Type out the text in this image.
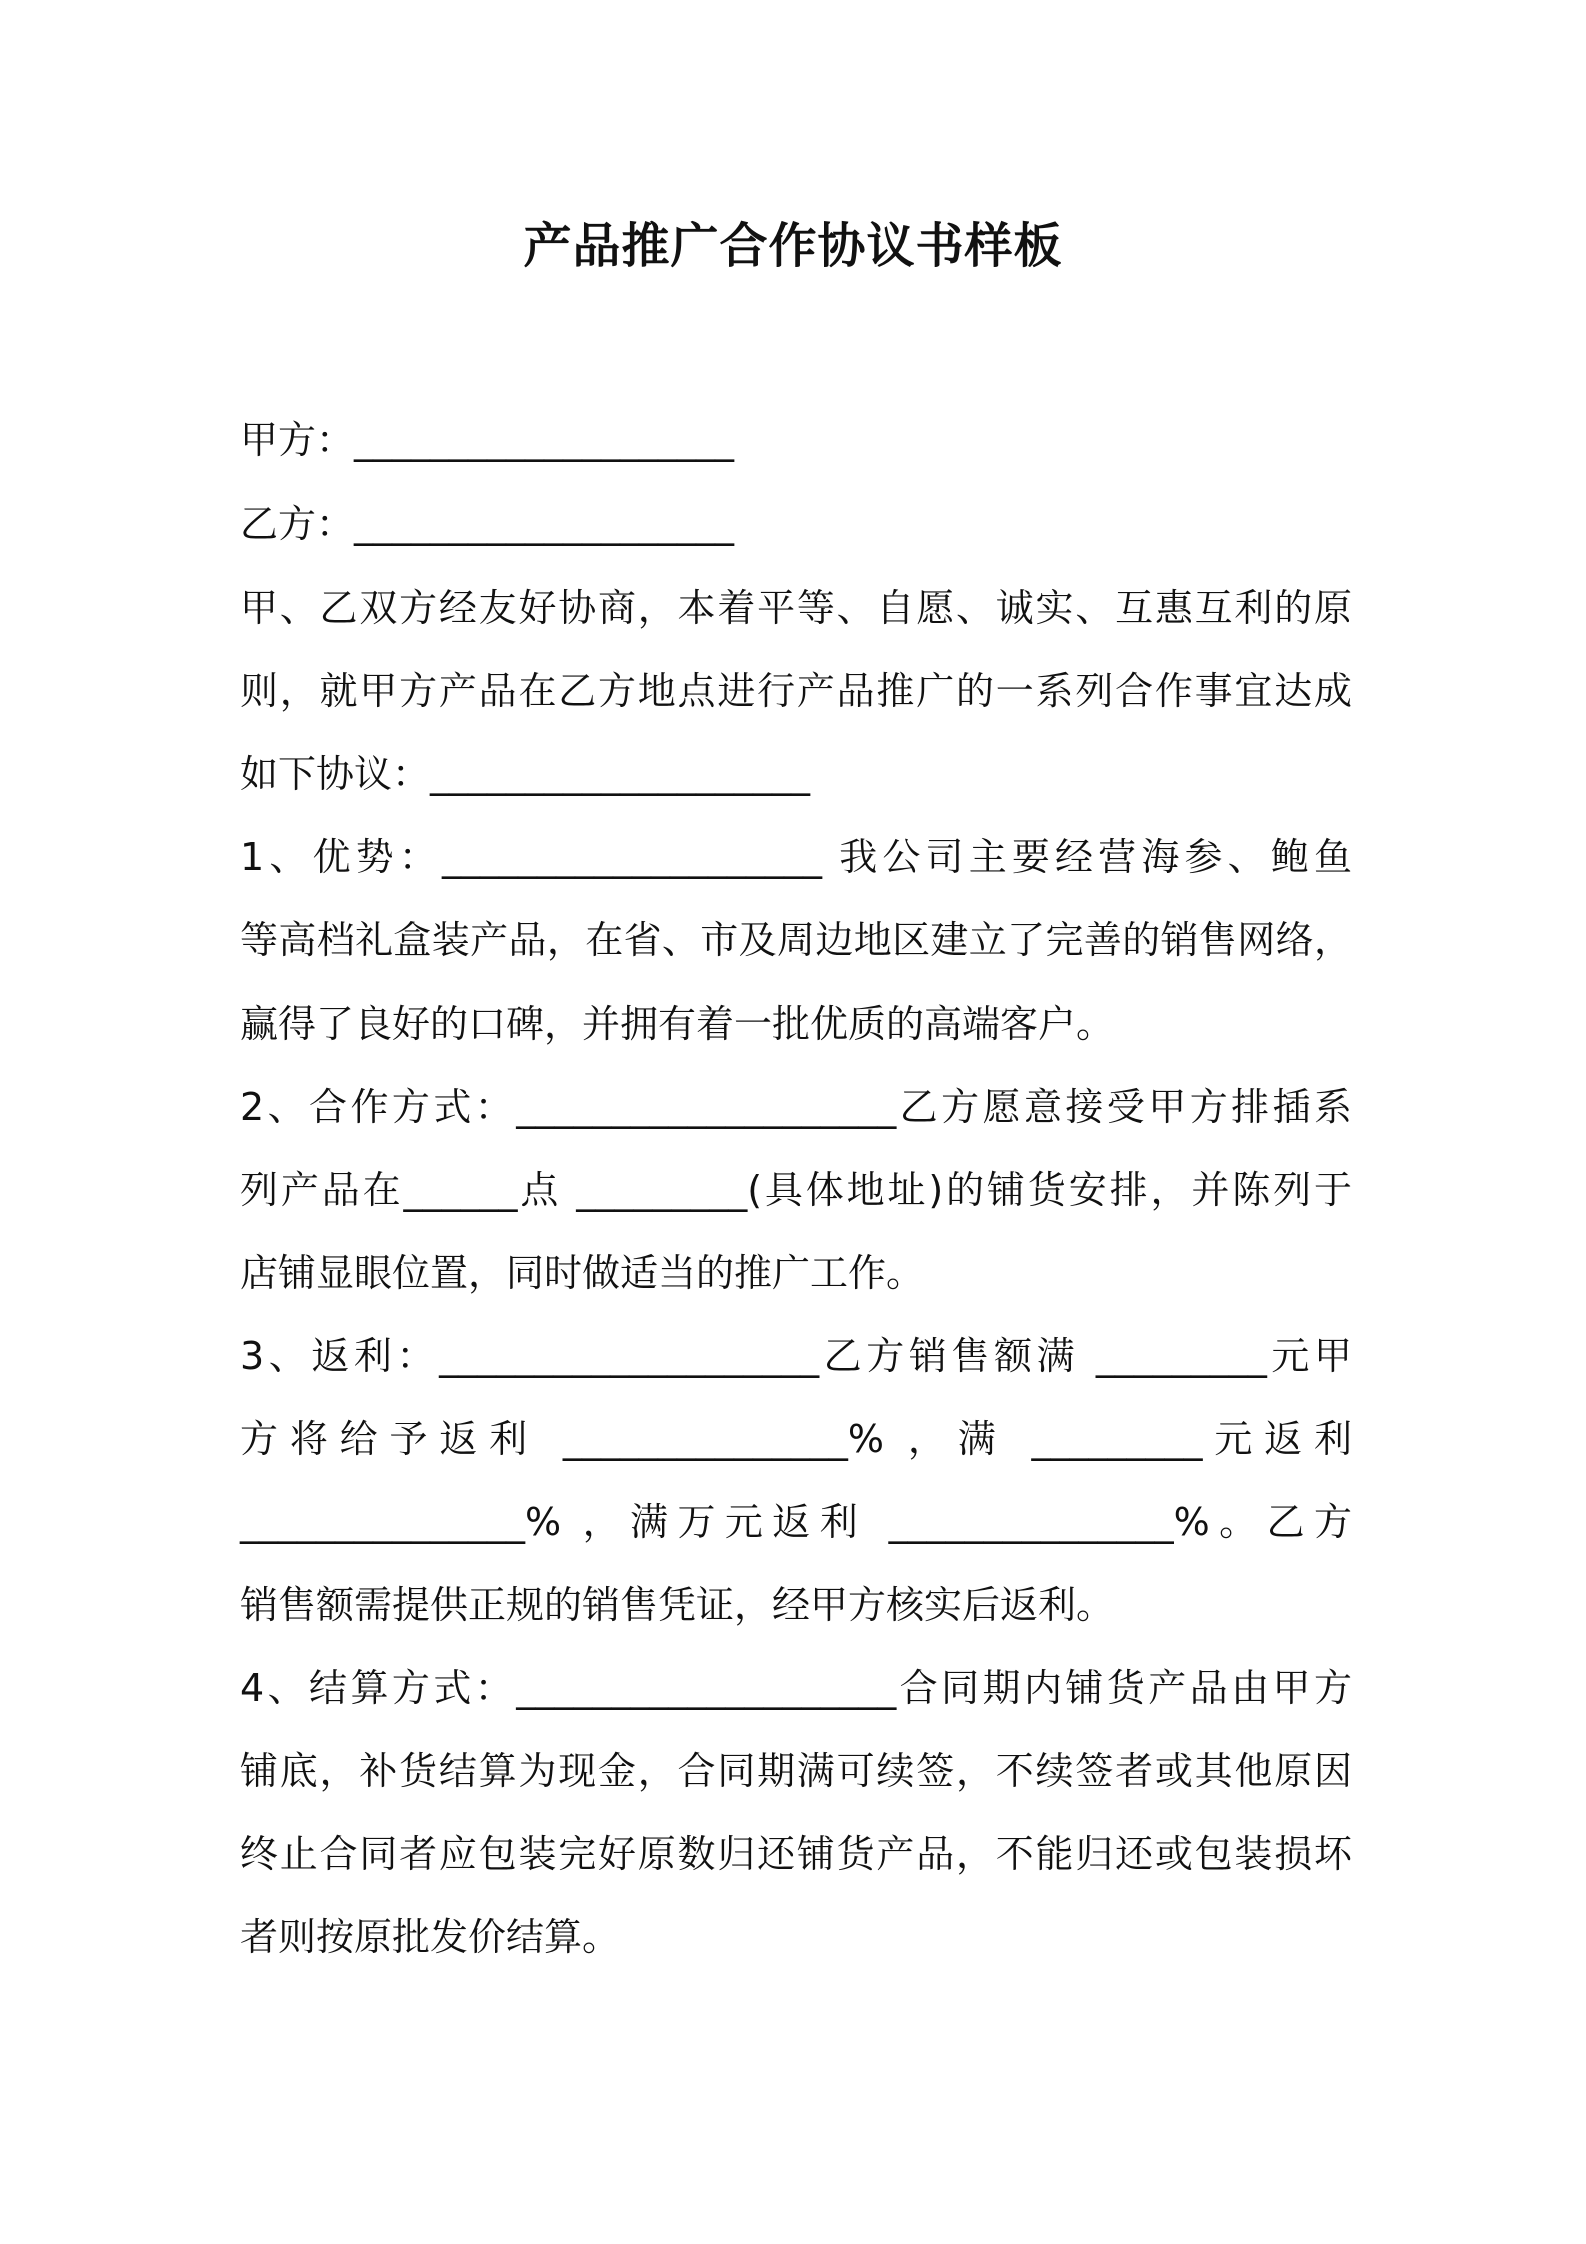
产品推广合作协议书样板

甲方：____________________

乙方：____________________

甲、乙双方经友好协商，本着平等、自愿、诚实、互惠互利的原

则，就甲方产品在乙方地点进行产品推广的一系列合作事宜达成

如下协议：____________________

1、优势：____________________ 我公司主要经营海参、鲍鱼

等高档礼盒装产品，在省、市及周边地区建立了完善的销售网络，

赢得了良好的口碑，并拥有着一批优质的高端客户。

2、合作方式：____________________乙方愿意接受甲方排插系

列产品在______点 _________(具体地址)的铺货安排，并陈列于

店铺显眼位置，同时做适当的推广工作。

3、返利：____________________乙方销售额满 _________元甲

方将给予返利 _______________% ，满 _________元返利

_______________% ，满万元返利 _______________%。乙方

销售额需提供正规的销售凭证，经甲方核实后返利。

4、结算方式：____________________合同期内铺货产品由甲方

铺底，补货结算为现金，合同期满可续签，不续签者或其他原因

终止合同者应包装完好原数归还铺货产品，不能归还或包装损坏

者则按原批发价结算。
